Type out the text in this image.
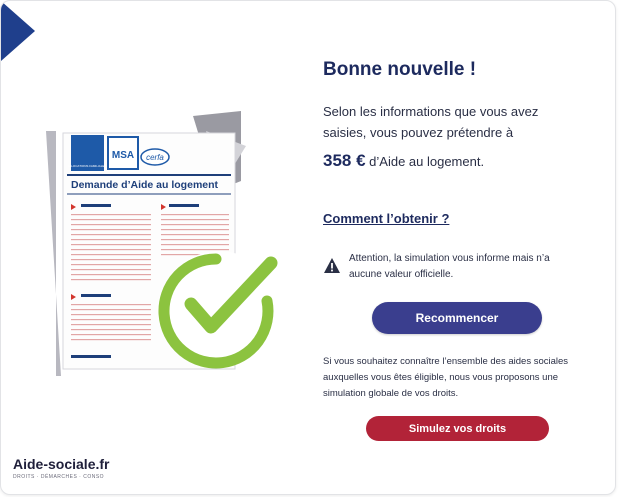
ALLOCATIONS FAMILIALES
MSA cerfa
Demande d’Aide au logement
Aide-sociale.fr
DROITS · DÉMARCHES · CONSO
Bonne nouvelle !
Selon les informations que vous avez saisies, vous pouvez prétendre à
358 € d’Aide au logement.
Comment l’obtenir ?
Attention, la simulation vous informe mais n’a aucune valeur officielle.
Recommencer
Si vous souhaitez connaître l’ensemble des aides sociales auxquelles vous êtes éligible, nous vous proposons une simulation globale de vos droits.
Simulez vos droits
